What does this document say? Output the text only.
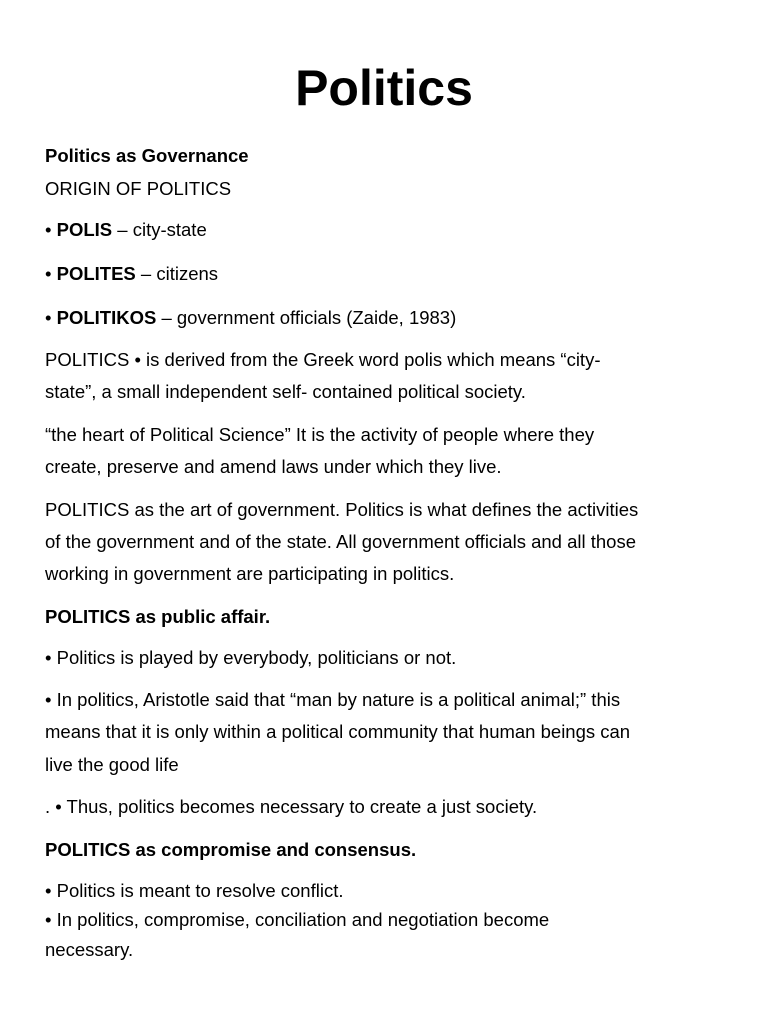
Politics
Politics as Governance
ORIGIN OF POLITICS
• POLIS – city-state
• POLITES – citizens
• POLITIKOS – government officials (Zaide, 1983)
POLITICS • is derived from the Greek word polis which means “city-
state”, a small independent self- contained political society.
“the heart of Political Science” It is the activity of people where they
create, preserve and amend laws under which they live.
POLITICS as the art of government. Politics is what defines the activities
of the government and of the state. All government officials and all those
working in government are participating in politics.
POLITICS as public affair.
• Politics is played by everybody, politicians or not.
• In politics, Aristotle said that “man by nature is a political animal;” this
means that it is only within a political community that human beings can
live the good life
. • Thus, politics becomes necessary to create a just society.
POLITICS as compromise and consensus.
• Politics is meant to resolve conflict.
• In politics, compromise, conciliation and negotiation become
necessary.
